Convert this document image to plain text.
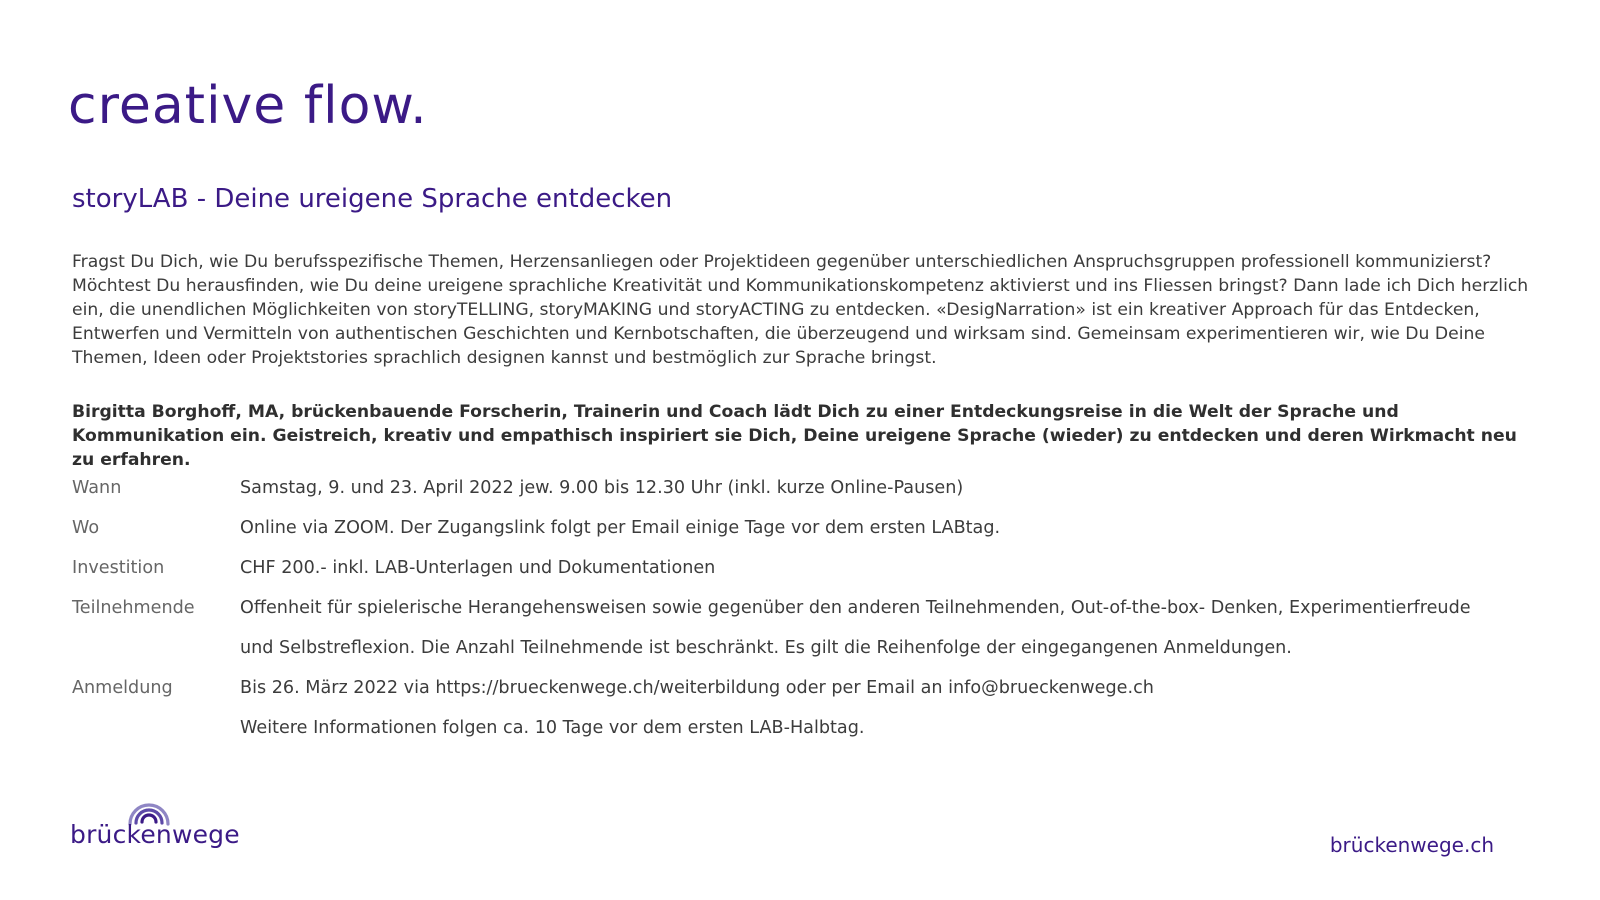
creative flow.
storyLAB - Deine ureigene Sprache entdecken

Fragst Du Dich, wie Du berufsspezifische Themen, Herzensanliegen oder Projektideen gegenüber unterschiedlichen Anspruchsgruppen professionell kommunizierst? Möchtest Du herausfinden, wie Du deine ureigene sprachliche Kreativität und Kommunikationskompetenz aktivierst und ins Fliessen bringst? Dann lade ich Dich herzlich ein, die unendlichen Möglichkeiten von storyTELLING, storyMAKING und storyACTING zu entdecken. «DesigNarration» ist ein kreativer Approach für das Entdecken, Entwerfen und Vermitteln von authentischen Geschichten und Kernbotschaften, die überzeugend und wirksam sind. Gemeinsam experimentieren wir, wie Du Deine Themen, Ideen oder Projektstories sprachlich designen kannst und bestmöglich zur Sprache bringst.

Birgitta Borghoff, MA, brückenbauende Forscherin, Trainerin und Coach lädt Dich zu einer Entdeckungsreise in die Welt der Sprache und Kommunikation ein. Geistreich, kreativ und empathisch inspiriert sie Dich, Deine ureigene Sprache (wieder) zu entdecken und deren Wirkmacht neu zu erfahren.

Wann	Samstag, 9. und 23. April 2022 jew. 9.00 bis 12.30 Uhr (inkl. kurze Online-Pausen)
Wo	Online via ZOOM. Der Zugangslink folgt per Email einige Tage vor dem ersten LABtag.
Investition	CHF 200.- inkl. LAB-Unterlagen und Dokumentationen
Teilnehmende	Offenheit für spielerische Herangehensweisen sowie gegenüber den anderen Teilnehmenden, Out-of-the-box- Denken, Experimentierfreude
und Selbstreflexion. Die Anzahl Teilnehmende ist beschränkt. Es gilt die Reihenfolge der eingegangenen Anmeldungen.
Anmeldung	Bis 26. März 2022 via https://brueckenwege.ch/weiterbildung oder per Email an info@brueckenwege.ch
Weitere Informationen folgen ca. 10 Tage vor dem ersten LAB-Halbtag.
brückenwege	brückenwege.ch
